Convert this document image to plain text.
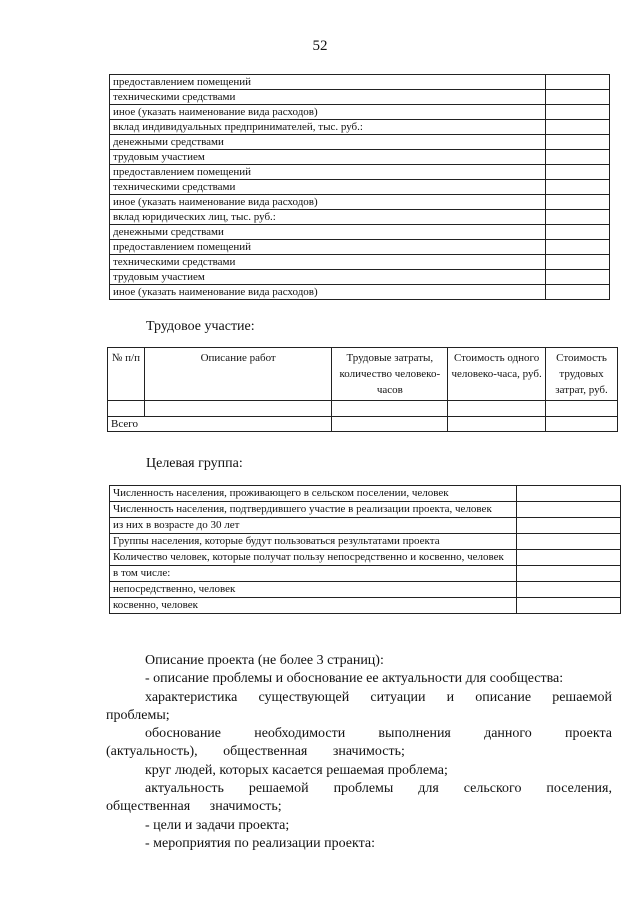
52
предоставлением помещений	
техническими средствами	
иное (указать наименование вида расходов)	
вклад индивидуальных предпринимателей, тыс. руб.:	
денежными средствами	
трудовым участием	
предоставлением помещений	
техническими средствами	
иное (указать наименование вида расходов)	
вклад юридических лиц, тыс. руб.:	
денежными средствами	
предоставлением помещений	
техническими средствами	
трудовым участием	
иное (указать наименование вида расходов)	
Трудовое участие:
№ п/п	Описание работ	Трудовые затраты, количество человеко-часов	Стоимость одного человеко-часа, руб.	Стоимость трудовых затрат, руб.

Всего				
Целевая группа:
Численность населения, проживающего в сельском поселении, человек	
Численность населения, подтвердившего участие в реализации проекта, человек	
из них в возрасте до 30 лет	
Группы населения, которые будут пользоваться результатами проекта	
Количество человек, которые получат пользу непосредственно и косвенно, человек	
в том числе:	
непосредственно, человек	
косвенно, человек	

Описание проекта (не более 3 страниц):

- описание проблемы и обоснование ее актуальности для сообщества:

характеристика существующей ситуации и описание решаемой проблемы;

обоснование необходимости выполнения данного проекта (актуальность), общественная значимость;

круг людей, которых касается решаемая проблема;

актуальность решаемой проблемы для сельского поселения, общественная значимость;

- цели и задачи проекта;

- мероприятия по реализации проекта:
